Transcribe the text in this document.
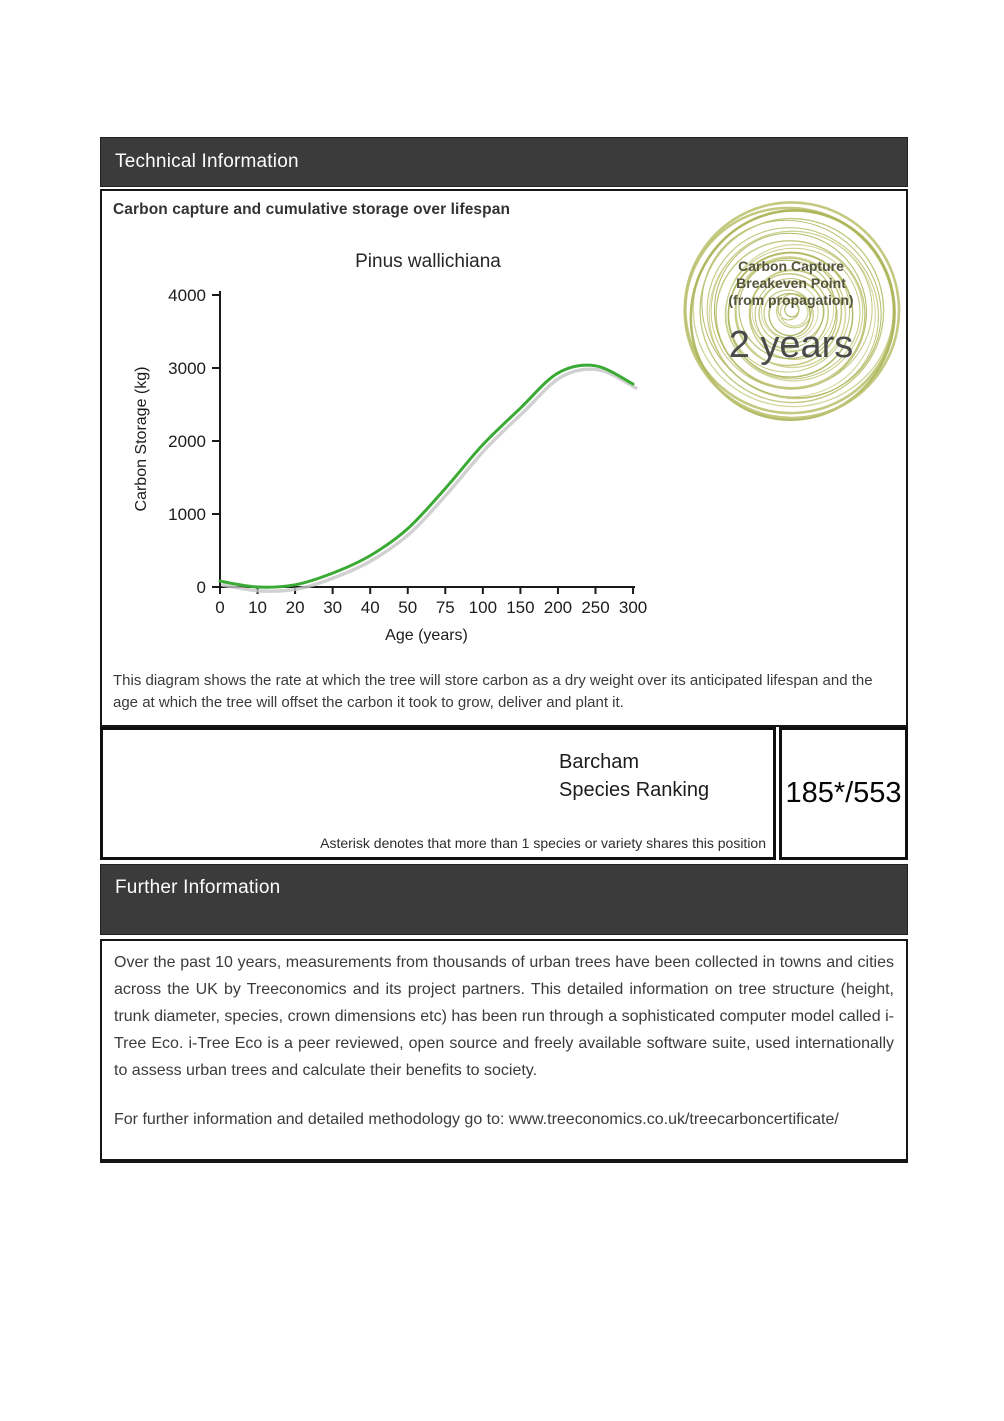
Technical Information
Carbon capture and cumulative storage over lifespan
0
1000
2000
3000
4000
0 10 20 30 40 50 75 100 150 200 250 300
Pinus wallichiana
Age (years)
Carbon Storage (kg)
Carbon Capture
Breakeven Point
(from propagation)
2 years
This diagram shows the rate at which the tree will store carbon as a dry weight over its anticipated lifespan and the age at which the tree will offset the carbon it took to grow, deliver and plant it.
Barcham
Species Ranking
Asterisk denotes that more than 1 species or variety shares this position
185*/553
Further Information

Over the past 10 years, measurements from thousands of urban trees have been collected in towns and cities across the UK by Treeconomics and its project partners. This detailed information on tree structure (height, trunk diameter, species, crown dimensions etc) has been run through a sophisticated computer model called i-Tree Eco. i-Tree Eco is a peer reviewed, open source and freely available software suite, used internationally to assess urban trees and calculate their benefits to society.

For further information and detailed methodology go to: www.treeconomics.co.uk/treecarboncertificate/
